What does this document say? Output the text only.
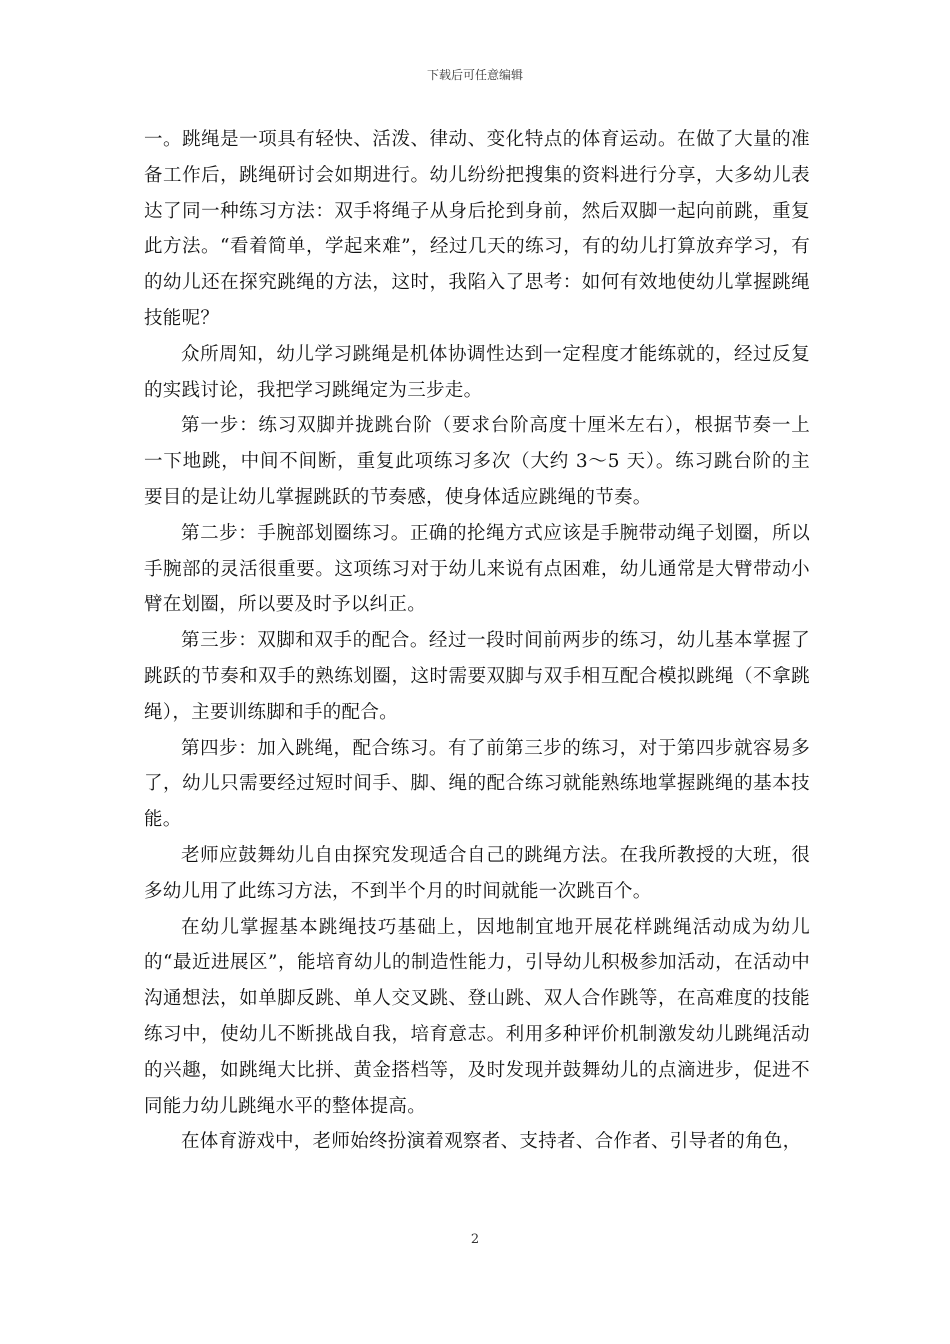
下载后可任意编辑

一。跳绳是一项具有轻快、活泼、律动、变化特点的体育运动。在做了大量的准备工作后，跳绳研讨会如期进行。幼儿纷纷把搜集的资料进行分享，大多幼儿表达了同一种练习方法：双手将绳子从身后抡到身前，然后双脚一起向前跳，重复此方法。“看着简单，学起来难”，经过几天的练习，有的幼儿打算放弃学习，有的幼儿还在探究跳绳的方法，这时，我陷入了思考：如何有效地使幼儿掌握跳绳技能呢？

众所周知，幼儿学习跳绳是机体协调性达到一定程度才能练就的，经过反复的实践讨论，我把学习跳绳定为三步走。

第一步：练习双脚并拢跳台阶（要求台阶高度十厘米左右），根据节奏一上一下地跳，中间不间断，重复此项练习多次（大约 3～5 天）。练习跳台阶的主要目的是让幼儿掌握跳跃的节奏感，使身体适应跳绳的节奏。

第二步：手腕部划圈练习。正确的抡绳方式应该是手腕带动绳子划圈，所以手腕部的灵活很重要。这项练习对于幼儿来说有点困难，幼儿通常是大臂带动小臂在划圈，所以要及时予以纠正。

第三步：双脚和双手的配合。经过一段时间前两步的练习，幼儿基本掌握了跳跃的节奏和双手的熟练划圈，这时需要双脚与双手相互配合模拟跳绳（不拿跳绳），主要训练脚和手的配合。

第四步：加入跳绳，配合练习。有了前第三步的练习，对于第四步就容易多了，幼儿只需要经过短时间手、脚、绳的配合练习就能熟练地掌握跳绳的基本技能。

老师应鼓舞幼儿自由探究发现适合自己的跳绳方法。在我所教授的大班，很多幼儿用了此练习方法，不到半个月的时间就能一次跳百个。

在幼儿掌握基本跳绳技巧基础上，因地制宜地开展花样跳绳活动成为幼儿的“最近进展区”，能培育幼儿的制造性能力，引导幼儿积极参加活动，在活动中沟通想法，如单脚反跳、单人交叉跳、登山跳、双人合作跳等，在高难度的技能练习中，使幼儿不断挑战自我，培育意志。利用多种评价机制激发幼儿跳绳活动的兴趣，如跳绳大比拼、黄金搭档等，及时发现并鼓舞幼儿的点滴进步，促进不同能力幼儿跳绳水平的整体提高。

在体育游戏中，老师始终扮演着观察者、支持者、合作者、引导者的角色，

2
